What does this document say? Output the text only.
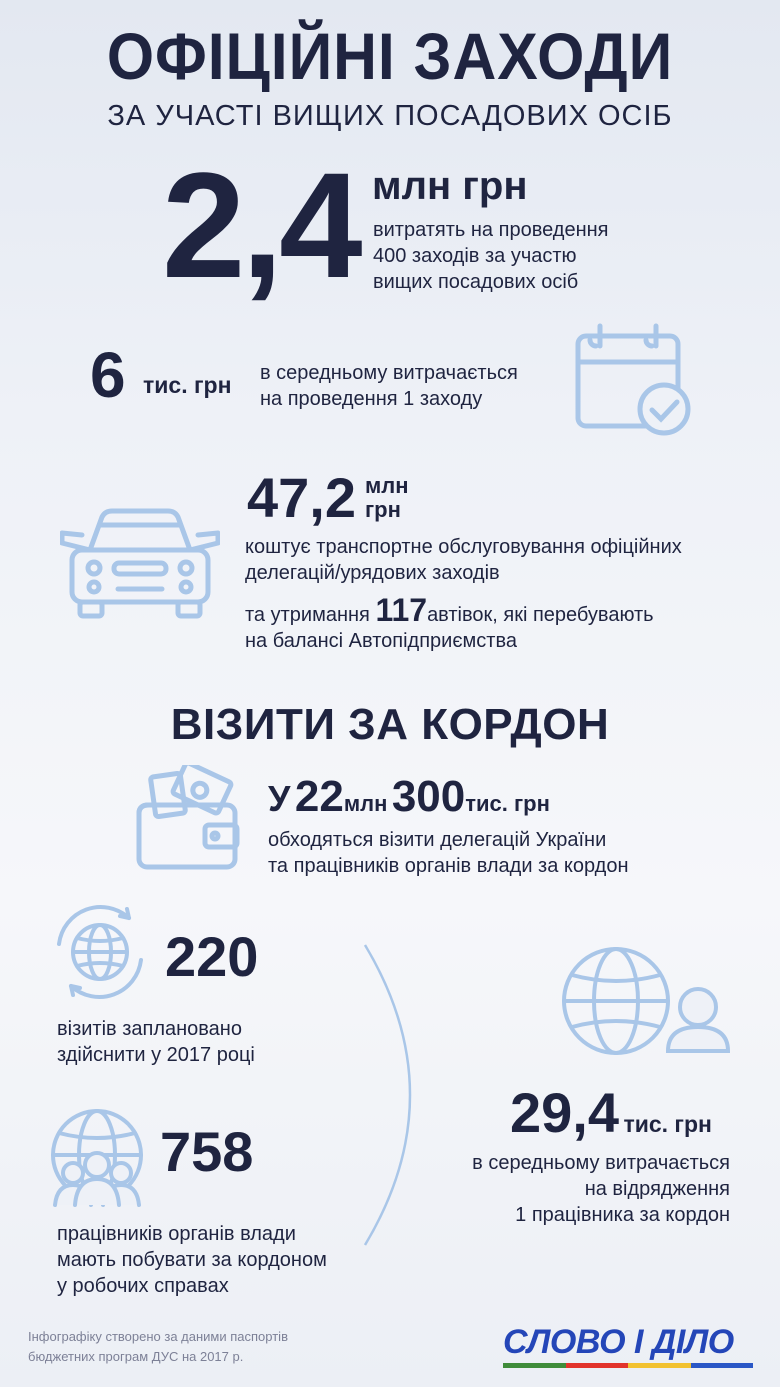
ОФІЦІЙНІ ЗАХОДИ
ЗА УЧАСТІ ВИЩИХ ПОСАДОВИХ ОСІБ
2,4 млн грн
витратять на проведення
400 заходів за участю
вищих посадових осіб
6 тис. грн в середньому витрачається
на проведення 1 заходу
47,2 млн
грн
коштує транспортне обслуговування офіційних
делегацій/урядових заходів
та утримання 117автівок, які перебувають
на балансі Автопідприємства
ВІЗИТИ ЗА КОРДОН
У 22млн 300тис. грн
обходяться візити делегацій України
та працівників органів влади за кордон
220
візитів заплановано
здійснити у 2017 році
758
працівників органів влади
мають побувати за кордоном
у робочих справах
29,4 тис. грн
в середньому витрачається
на відрядження
1 працівника за кордон
Інфографіку створено за даними паспортів
бюджетних програм ДУС на 2017 р.	СЛОВО І ДІЛО
